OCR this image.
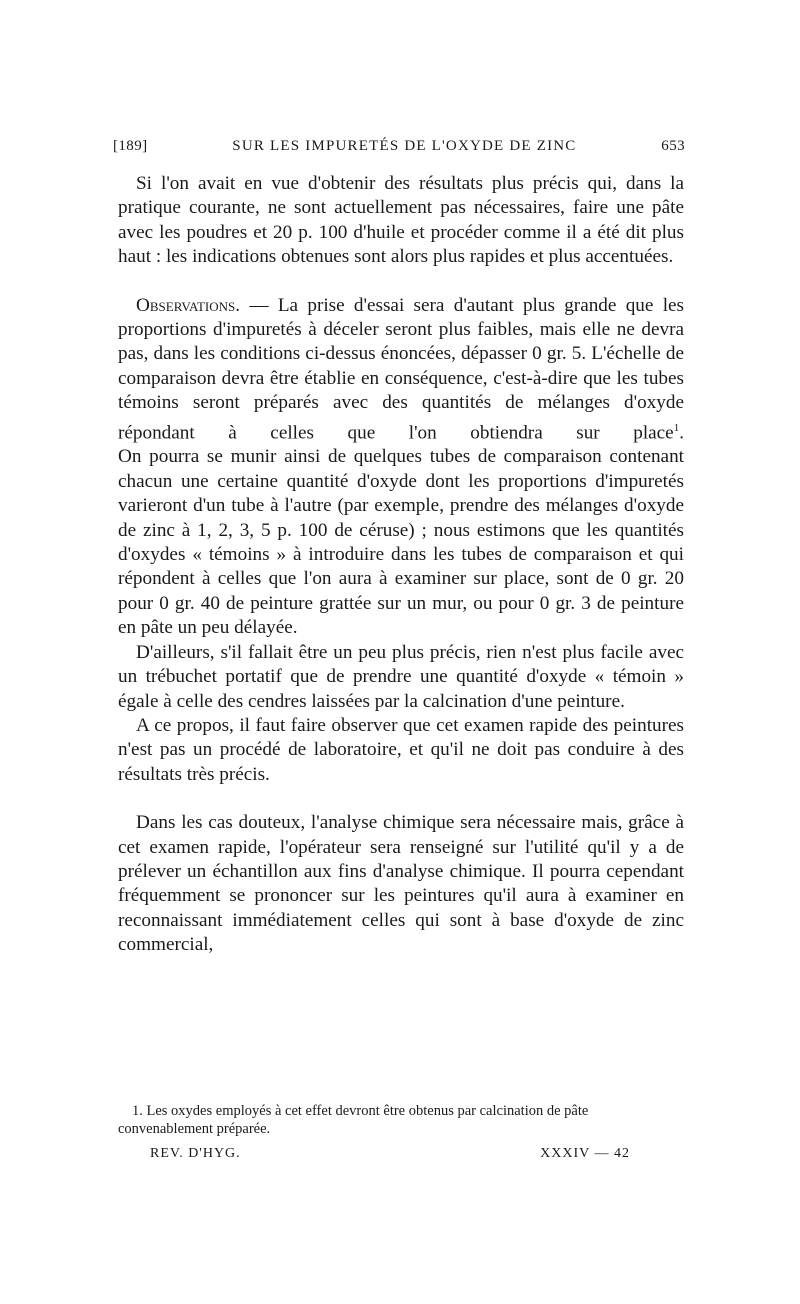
[189]	SUR LES IMPURETÉS DE L'OXYDE DE ZINC	653

Si l'on avait en vue d'obtenir des résultats plus précis qui, dans la pratique courante, ne sont actuellement pas nécessaires, faire une pâte avec les poudres et 20 p. 100 d'huile et procéder comme il a été dit plus haut : les indications obtenues sont alors plus rapides et plus accentuées.

Observations. — La prise d'essai sera d'autant plus grande que les proportions d'impuretés à déceler seront plus faibles, mais elle ne devra pas, dans les conditions ci-dessus énoncées, dépasser 0 gr. 5. L'échelle de comparaison devra être établie en conséquence, c'est-à-dire que les tubes témoins seront préparés avec des quantités de mélanges d'oxyde répondant à celles que l'on obtiendra sur place$^1$.

On pourra se munir ainsi de quelques tubes de comparaison contenant chacun une certaine quantité d'oxyde dont les proportions d'impuretés varieront d'un tube à l'autre (par exemple, prendre des mélanges d'oxyde de zinc à 1, 2, 3, 5 p. 100 de céruse) ; nous estimons que les quantités d'oxydes « témoins » à introduire dans les tubes de comparaison et qui répondent à celles que l'on aura à examiner sur place, sont de 0 gr. 20 pour 0 gr. 40 de peinture grattée sur un mur, ou pour 0 gr. 3 de peinture en pâte un peu délayée.

D'ailleurs, s'il fallait être un peu plus précis, rien n'est plus facile avec un trébuchet portatif que de prendre une quantité d'oxyde « témoin » égale à celle des cendres laissées par la calcination d'une peinture.

A ce propos, il faut faire observer que cet examen rapide des peintures n'est pas un procédé de laboratoire, et qu'il ne doit pas conduire à des résultats très précis.

Dans les cas douteux, l'analyse chimique sera nécessaire mais, grâce à cet examen rapide, l'opérateur sera renseigné sur l'utilité qu'il y a de prélever un échantillon aux fins d'analyse chimique. Il pourra cependant fréquemment se prononcer sur les peintures qu'il aura à examiner en reconnaissant immédiatement celles qui sont à base d'oxyde de zinc commercial,

1. Les oxydes employés à cet effet devront être obtenus par calcination de pâte convenablement préparée.

REV. D'HYG.	XXXIV — 42
